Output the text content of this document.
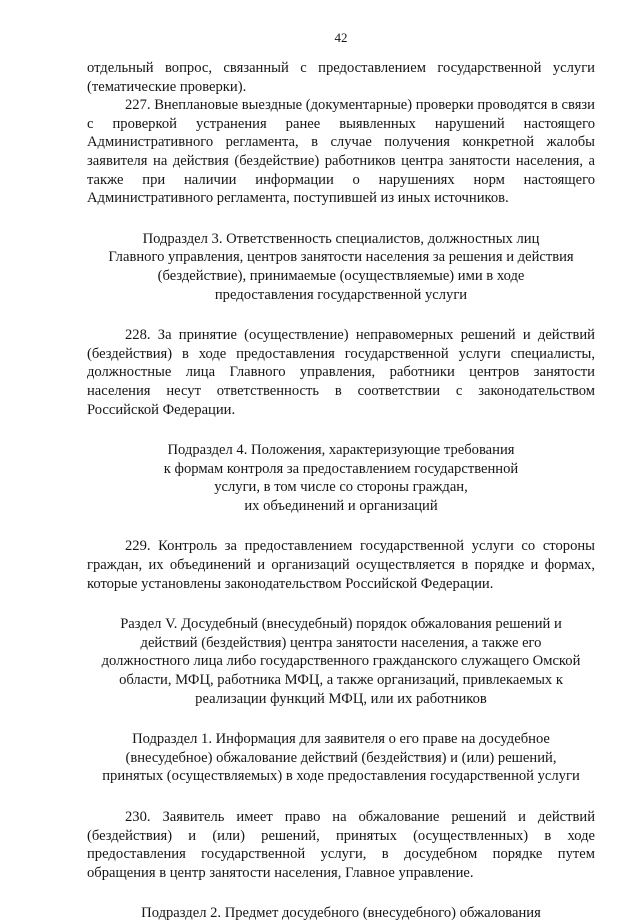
42

отдельный вопрос, связанный с предоставлением государственной услуги (тематические проверки).

227. Внеплановые выездные (документарные) проверки проводятся в связи с проверкой устранения ранее выявленных нарушений настоящего Административного регламента, в случае получения конкретной жалобы заявителя на действия (бездействие) работников центра занятости населения, а также при наличии информации о нарушениях норм настоящего Административного регламента, поступившей из иных источников.

Подраздел 3. Ответственность специалистов, должностных лиц
Главного управления, центров занятости населения за решения и действия
(бездействие), принимаемые (осуществляемые) ими в ходе
предоставления государственной услуги

228. За принятие (осуществление) неправомерных решений и действий (бездействия) в ходе предоставления государственной услуги специалисты, должностные лица Главного управления, работники центров занятости населения несут ответственность в соответствии с законодательством Российской Федерации.

Подраздел 4. Положения, характеризующие требования
к формам контроля за предоставлением государственной
услуги, в том числе со стороны граждан,
их объединений и организаций

229. Контроль за предоставлением государственной услуги со стороны граждан, их объединений и организаций осуществляется в порядке и формах, которые установлены законодательством Российской Федерации.

Раздел V. Досудебный (внесудебный) порядок обжалования решений и
действий (бездействия) центра занятости населения, а также его
должностного лица либо государственного гражданского служащего Омской
области, МФЦ, работника МФЦ, а также организаций, привлекаемых к
реализации функций МФЦ, или их работников
Подраздел 1. Информация для заявителя о его праве на досудебное
(внесудебное) обжалование действий (бездействия) и (или) решений,
принятых (осуществляемых) в ходе предоставления государственной услуги

230. Заявитель имеет право на обжалование решений и действий (бездействия) и (или) решений, принятых (осуществленных) в ходе предоставления государственной услуги, в досудебном порядке путем обращения в центр занятости населения, Главное управление.

Подраздел 2. Предмет досудебного (внесудебного) обжалования
